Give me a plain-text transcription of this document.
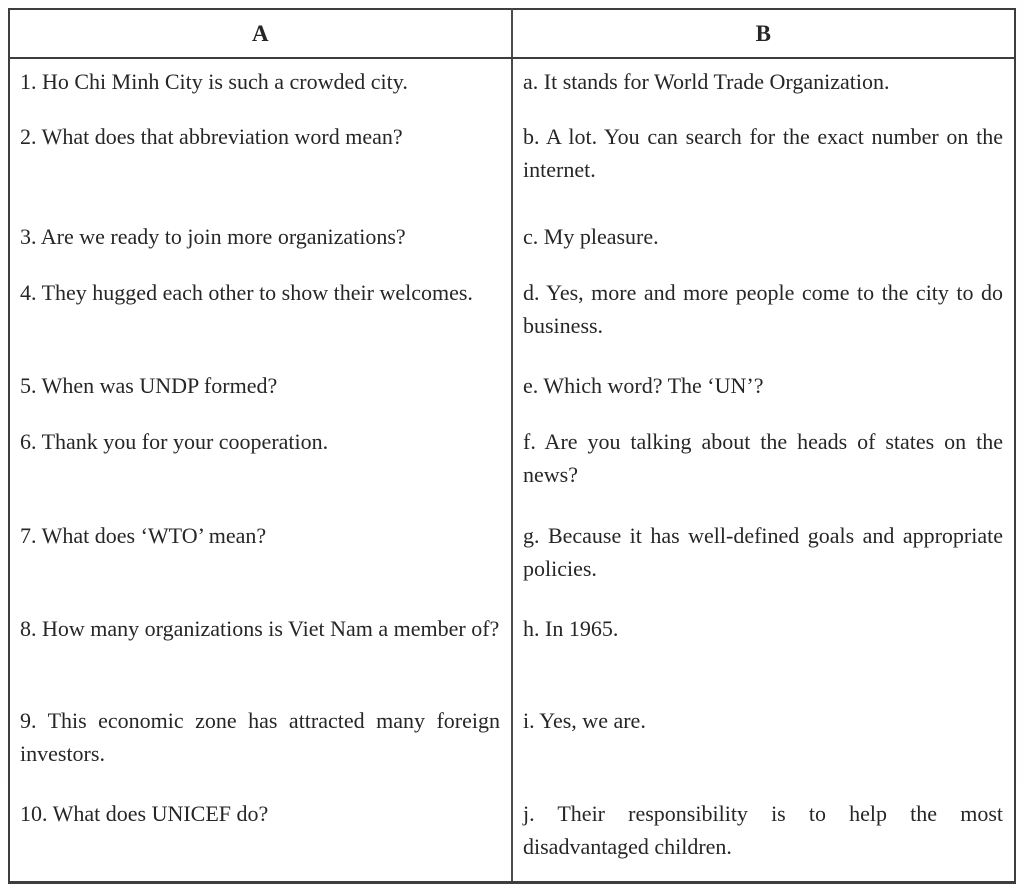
A	B
1. Ho Chi Minh City is such a crowded city.	a. It stands for World Trade Organization.
2. What does that abbreviation word mean?	b. A lot. You can search for the exact number on the internet.
3. Are we ready to join more organizations?	c. My pleasure.
4. They hugged each other to show their welcomes.	d. Yes, more and more people come to the city to do business.
5. When was UNDP formed?	e. Which word? The ‘UN’?
6. Thank you for your cooperation.	f. Are you talking about the heads of states on the news?
7. What does ‘WTO’ mean?	g. Because it has well-defined goals and appropriate policies.
8. How many organizations is Viet Nam a member of?	h. In 1965.
9. This economic zone has attracted many foreign investors.	i. Yes, we are.
10. What does UNICEF do?	j. Their responsibility is to help the most disadvantaged children.
